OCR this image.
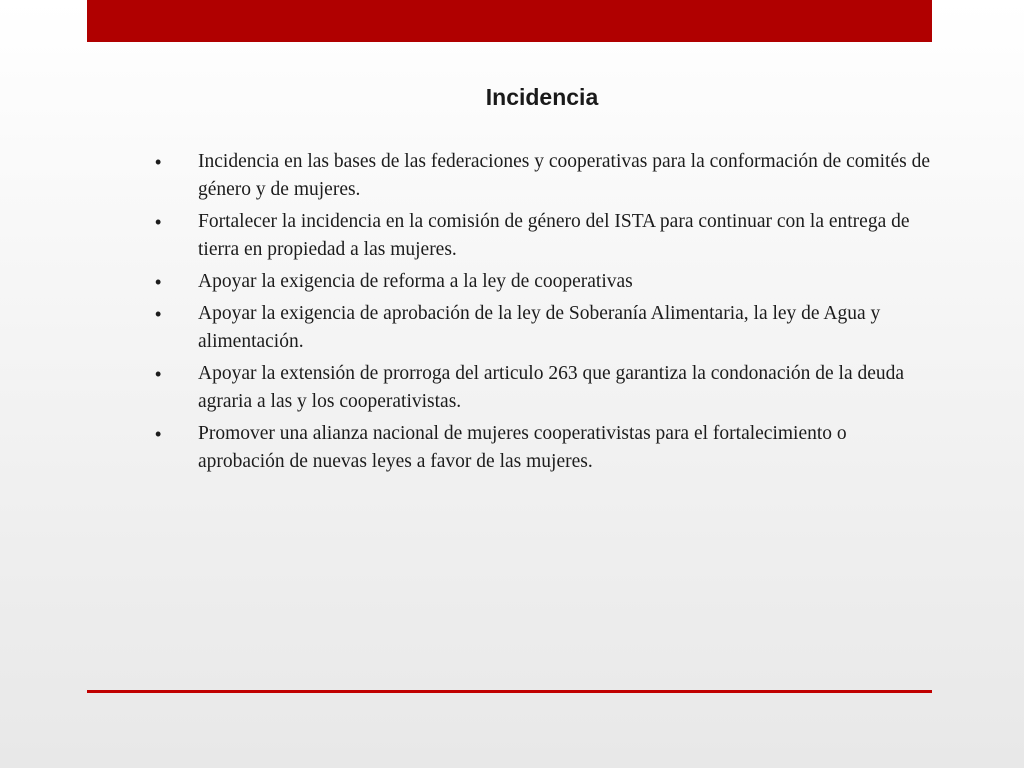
Incidencia
•	Incidencia en las bases de las federaciones y cooperativas para la conformación de comités de género y de mujeres.
•	Fortalecer la incidencia en la comisión de género del ISTA para continuar con la entrega de tierra en propiedad a las mujeres.
•	Apoyar la exigencia de reforma a la ley de cooperativas
•	Apoyar la exigencia de aprobación de la ley de Soberanía Alimentaria, la ley de Agua y alimentación.
•	Apoyar la extensión de prorroga del articulo 263 que garantiza la condonación de la deuda agraria a las y los cooperativistas.
•	Promover una alianza nacional de mujeres cooperativistas para el fortalecimiento o aprobación de nuevas leyes a favor de las mujeres.
